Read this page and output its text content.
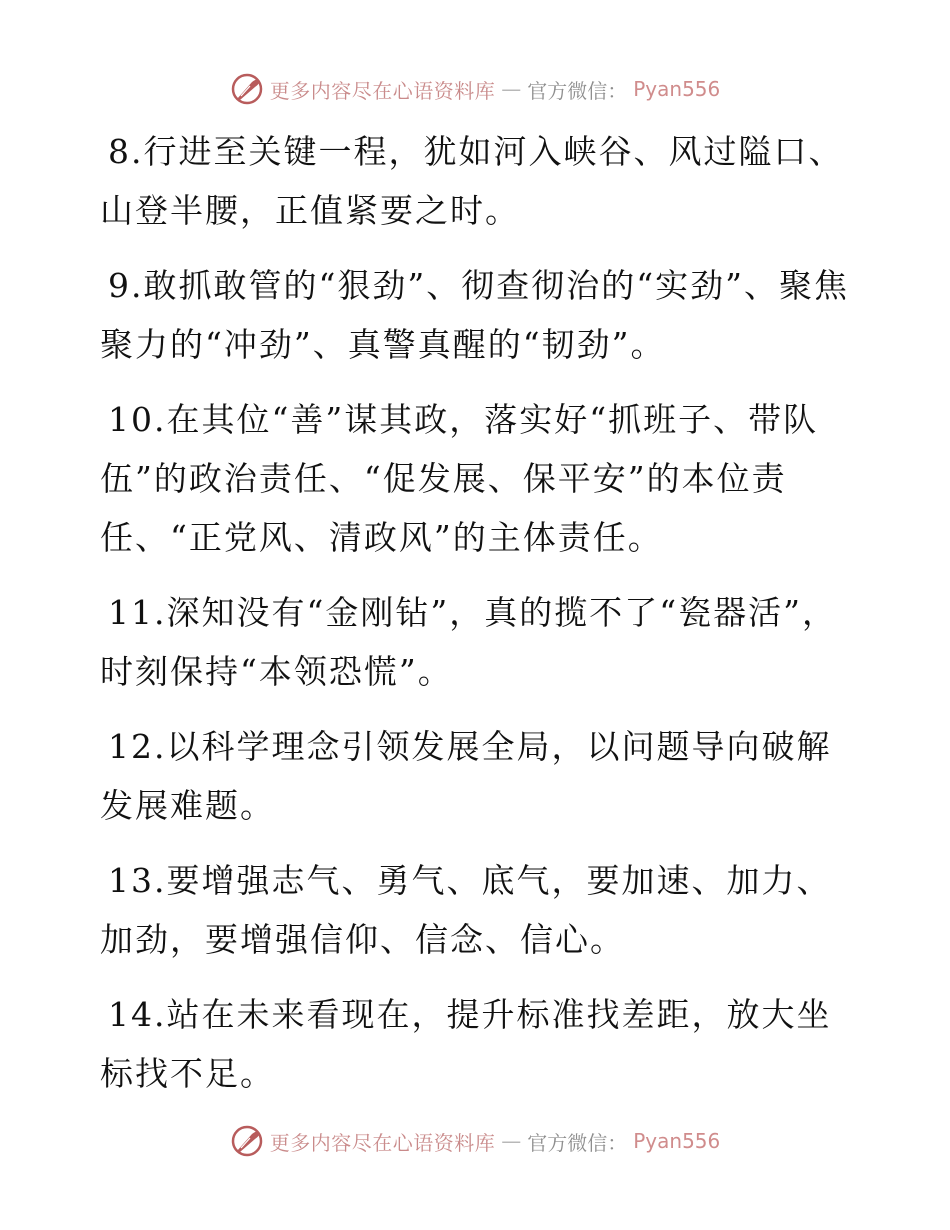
更多内容尽在心语资料库 — 官方微信： Pyan556

8.行进至关键一程，犹如河入峡谷、风过隘口、山登半腰，正值紧要之时。

9.敢抓敢管的“狠劲”、彻查彻治的“实劲”、聚焦聚力的“冲劲”、真警真醒的“韧劲”。

10.在其位“善”谋其政，落实好“抓班子、带队伍”的政治责任、“促发展、保平安”的本位责任、“正党风、清政风”的主体责任。

11.深知没有“金刚钻”，真的揽不了“瓷器活”，时刻保持“本领恐慌”。

12.以科学理念引领发展全局，以问题导向破解发展难题。

13.要增强志气、勇气、底气，要加速、加力、加劲，要增强信仰、信念、信心。

14.站在未来看现在，提升标准找差距，放大坐标找不足。

更多内容尽在心语资料库 — 官方微信： Pyan556
